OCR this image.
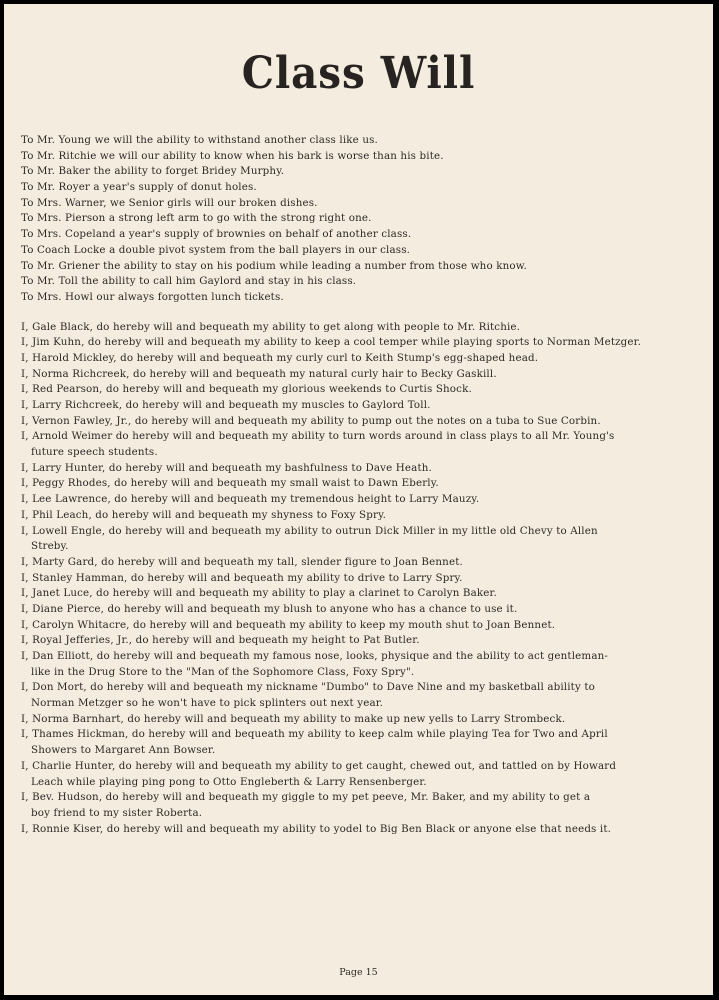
Class Will
To Mr. Young we will the ability to withstand another class like us.
To Mr. Ritchie we will our ability to know when his bark is worse than his bite.
To Mr. Baker the ability to forget Bridey Murphy.
To Mr. Royer a year's supply of donut holes.
To Mrs. Warner, we Senior girls will our broken dishes.
To Mrs. Pierson a strong left arm to go with the strong right one.
To Mrs. Copeland a year's supply of brownies on behalf of another class.
To Coach Locke a double pivot system from the ball players in our class.
To Mr. Griener the ability to stay on his podium while leading a number from those who know.
To Mr. Toll the ability to call him Gaylord and stay in his class.
To Mrs. Howl our always forgotten lunch tickets.
I, Gale Black, do hereby will and bequeath my ability to get along with people to Mr. Ritchie.
I, Jim Kuhn, do hereby will and bequeath my ability to keep a cool temper while playing sports to Norman Metzger.
I, Harold Mickley, do hereby will and bequeath my curly curl to Keith Stump's egg-shaped head.
I, Norma Richcreek, do hereby will and bequeath my natural curly hair to Becky Gaskill.
I, Red Pearson, do hereby will and bequeath my glorious weekends to Curtis Shock.
I, Larry Richcreek, do hereby will and bequeath my muscles to Gaylord Toll.
I, Vernon Fawley, Jr., do hereby will and bequeath my ability to pump out the notes on a tuba to Sue Corbin.
I, Arnold Weimer do hereby will and bequeath my ability to turn words around in class plays to all Mr. Young's
future speech students.
I, Larry Hunter, do hereby will and bequeath my bashfulness to Dave Heath.
I, Peggy Rhodes, do hereby will and bequeath my small waist to Dawn Eberly.
I, Lee Lawrence, do hereby will and bequeath my tremendous height to Larry Mauzy.
I, Phil Leach, do hereby will and bequeath my shyness to Foxy Spry.
I, Lowell Engle, do hereby will and bequeath my ability to outrun Dick Miller in my little old Chevy to Allen
Streby.
I, Marty Gard, do hereby will and bequeath my tall, slender figure to Joan Bennet.
I, Stanley Hamman, do hereby will and bequeath my ability to drive to Larry Spry.
I, Janet Luce, do hereby will and bequeath my ability to play a clarinet to Carolyn Baker.
I, Diane Pierce, do hereby will and bequeath my blush to anyone who has a chance to use it.
I, Carolyn Whitacre, do hereby will and bequeath my ability to keep my mouth shut to Joan Bennet.
I, Royal Jefferies, Jr., do hereby will and bequeath my height to Pat Butler.
I, Dan Elliott, do hereby will and bequeath my famous nose, looks, physique and the ability to act gentleman-
like in the Drug Store to the "Man of the Sophomore Class, Foxy Spry".
I, Don Mort, do hereby will and bequeath my nickname "Dumbo" to Dave Nine and my basketball ability to
Norman Metzger so he won't have to pick splinters out next year.
I, Norma Barnhart, do hereby will and bequeath my ability to make up new yells to Larry Strombeck.
I, Thames Hickman, do hereby will and bequeath my ability to keep calm while playing Tea for Two and April
Showers to Margaret Ann Bowser.
I, Charlie Hunter, do hereby will and bequeath my ability to get caught, chewed out, and tattled on by Howard
Leach while playing ping pong to Otto Engleberth & Larry Rensenberger.
I, Bev. Hudson, do hereby will and bequeath my giggle to my pet peeve, Mr. Baker, and my ability to get a
boy friend to my sister Roberta.
I, Ronnie Kiser, do hereby will and bequeath my ability to yodel to Big Ben Black or anyone else that needs it.
Page 15
